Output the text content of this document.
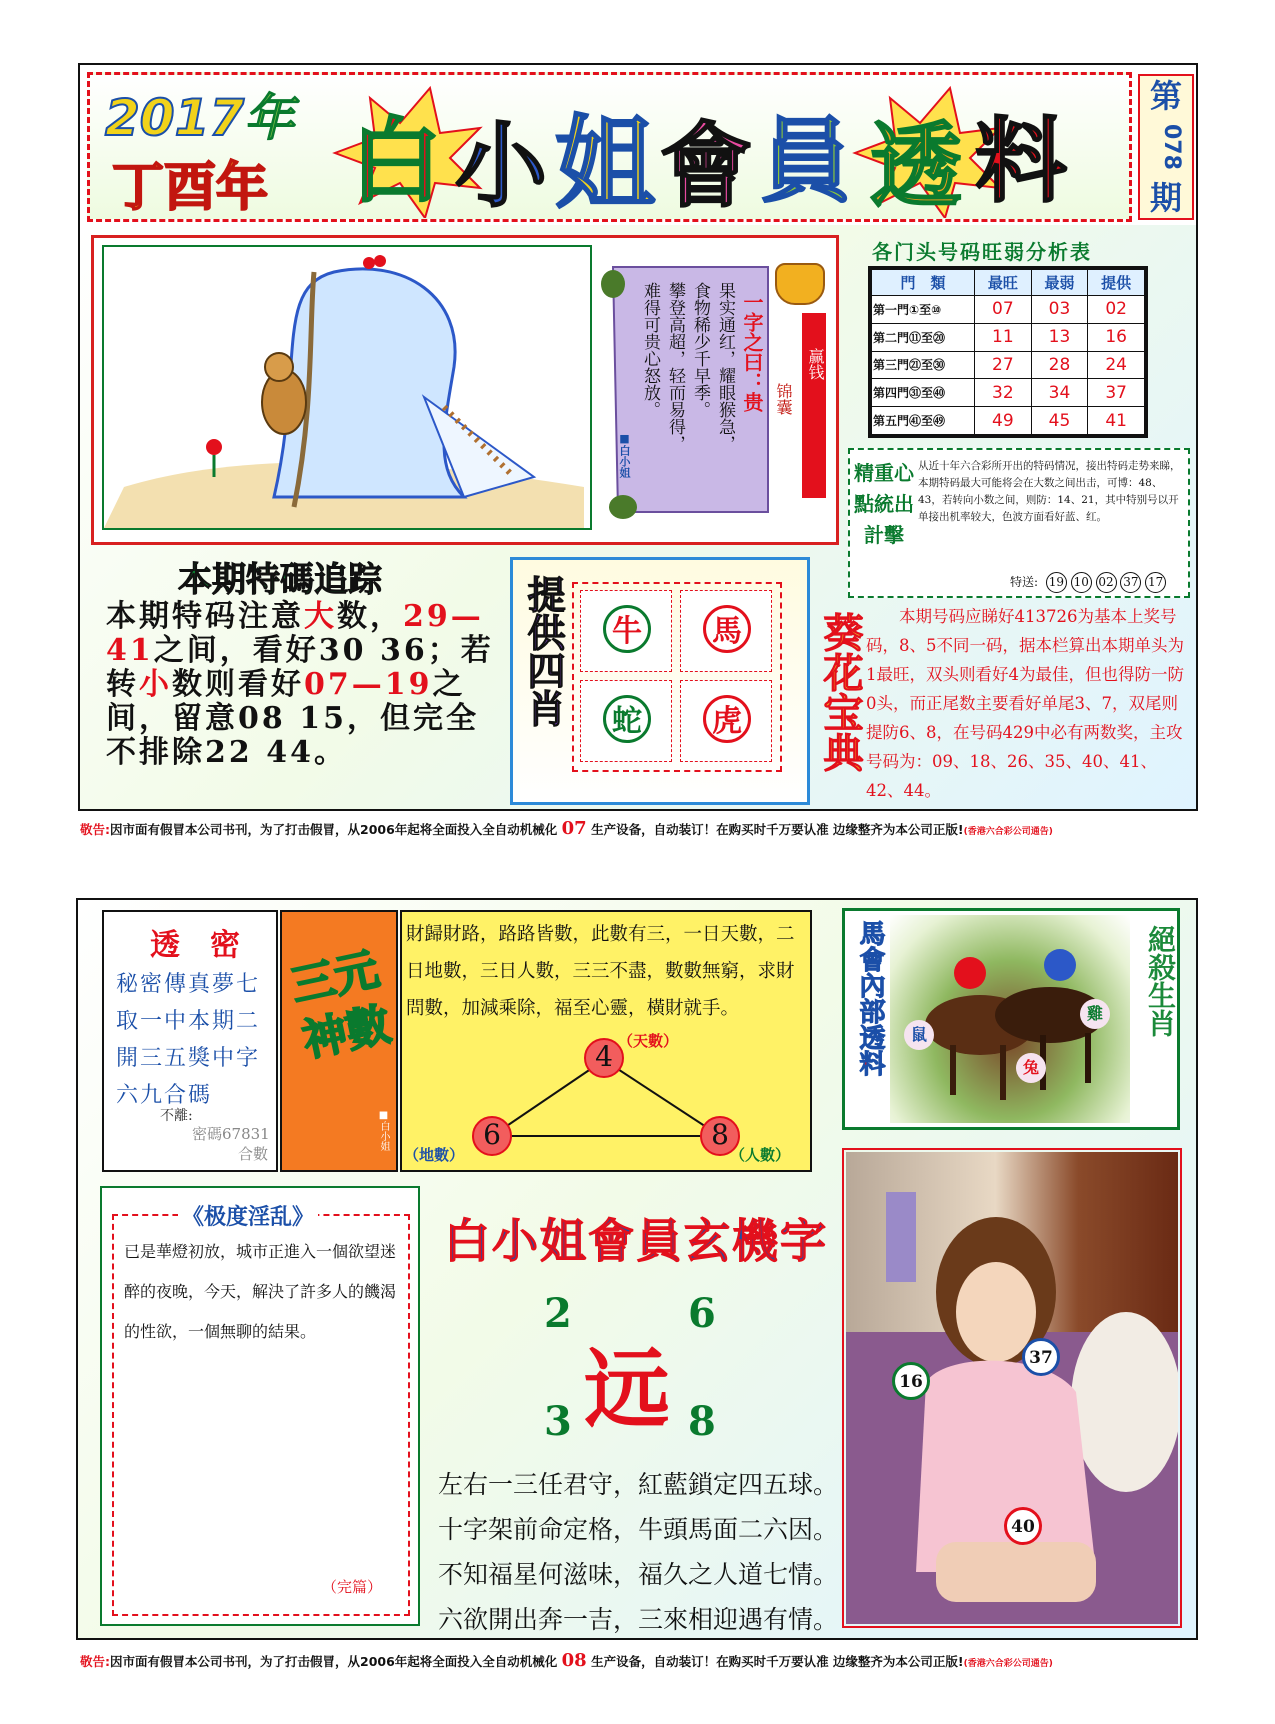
2017年
丁酉年 白 小 姐 會 員 透 料
第
078
期
一字之曰：贵
果实通红，耀眼猴急，
食物稀少千早季。
攀登高超，轻而易得，
难得可贵心怒放。
■白小姐
锦囊
赢钱
各门头号码旺弱分析表
門　類	最旺	最弱	提供
第一門①至⑩	07	03	02
第二門⑪至⑳	11	13	16
第三門㉑至㉚	27	28	24
第四門㉛至㊵	32	34	37
第五門㊶至㊾	49	45	41
精重心點統出計擊
从近十年六合彩所开出的特码情况，接出特码走势来睇，本期特码最大可能将会在大数之间出击，可博：48、43，若转向小数之间，则防：14、21，其中特别号以开单接出机率较大，色波方面看好蓝、红。
特送: 19 10 02 37 17
本期特碼追踪
本期特码注意大数，29—41之间，看好30 36；若转小数则看好07—19之间，留意08 15，但完全不排除22 44。
提供四肖	牛	馬
蛇	虎 葵花宝典	本期号码应睇好413726为基本上奖号码，8、5不同一码，据本栏算出本期单头为1最旺，双头则看好4为最佳，但也得防一防0头，而正尾数主要看好单尾3、7，双尾则提防6、8，在号码429中必有两数奖，主攻号码为：09、18、26、35、40、41、42、44。
敬告:因市面有假冒本公司书刊，为了打击假冒，从2006年起将全面投入全自动机械化 07 生产设备，自动装订！在购买时千万要认准 边缘整齐为本公司正版!(香港六合彩公司通告)
透　密
秘密傳真夢七取一中本期二開三五獎中字六九合碼
不離:
密碼67831
合數
三元神數
■白小姐
財歸財路，路路皆數，此數有三，一日天數，二日地數，三日人數，三三不盡，數數無窮，求財問數，加減乘除，福至心靈，橫財就手。
4
6	8
（天數）
（地數）	（人數）
鼠
兔
雞
馬會內部透料	絕殺生肖
《极度淫乱》
已是華燈初放，城市正進入一個欲望迷醉的夜晚，今天，解決了許多人的饑渴的性欲，一個無聊的結果。
（完篇）
白小姐會員玄機字
2	6
远
3	8
左右一三任君守，紅藍鎖定四五球。
十字架前命定格，牛頭馬面二六因。
不知福星何滋味，福久之人道七情。
六欲開出奔一吉，三來相迎遇有情。
16
37
40
敬告:因市面有假冒本公司书刊，为了打击假冒，从2006年起将全面投入全自动机械化 08 生产设备，自动装订！在购买时千万要认准 边缘整齐为本公司正版!(香港六合彩公司通告)
